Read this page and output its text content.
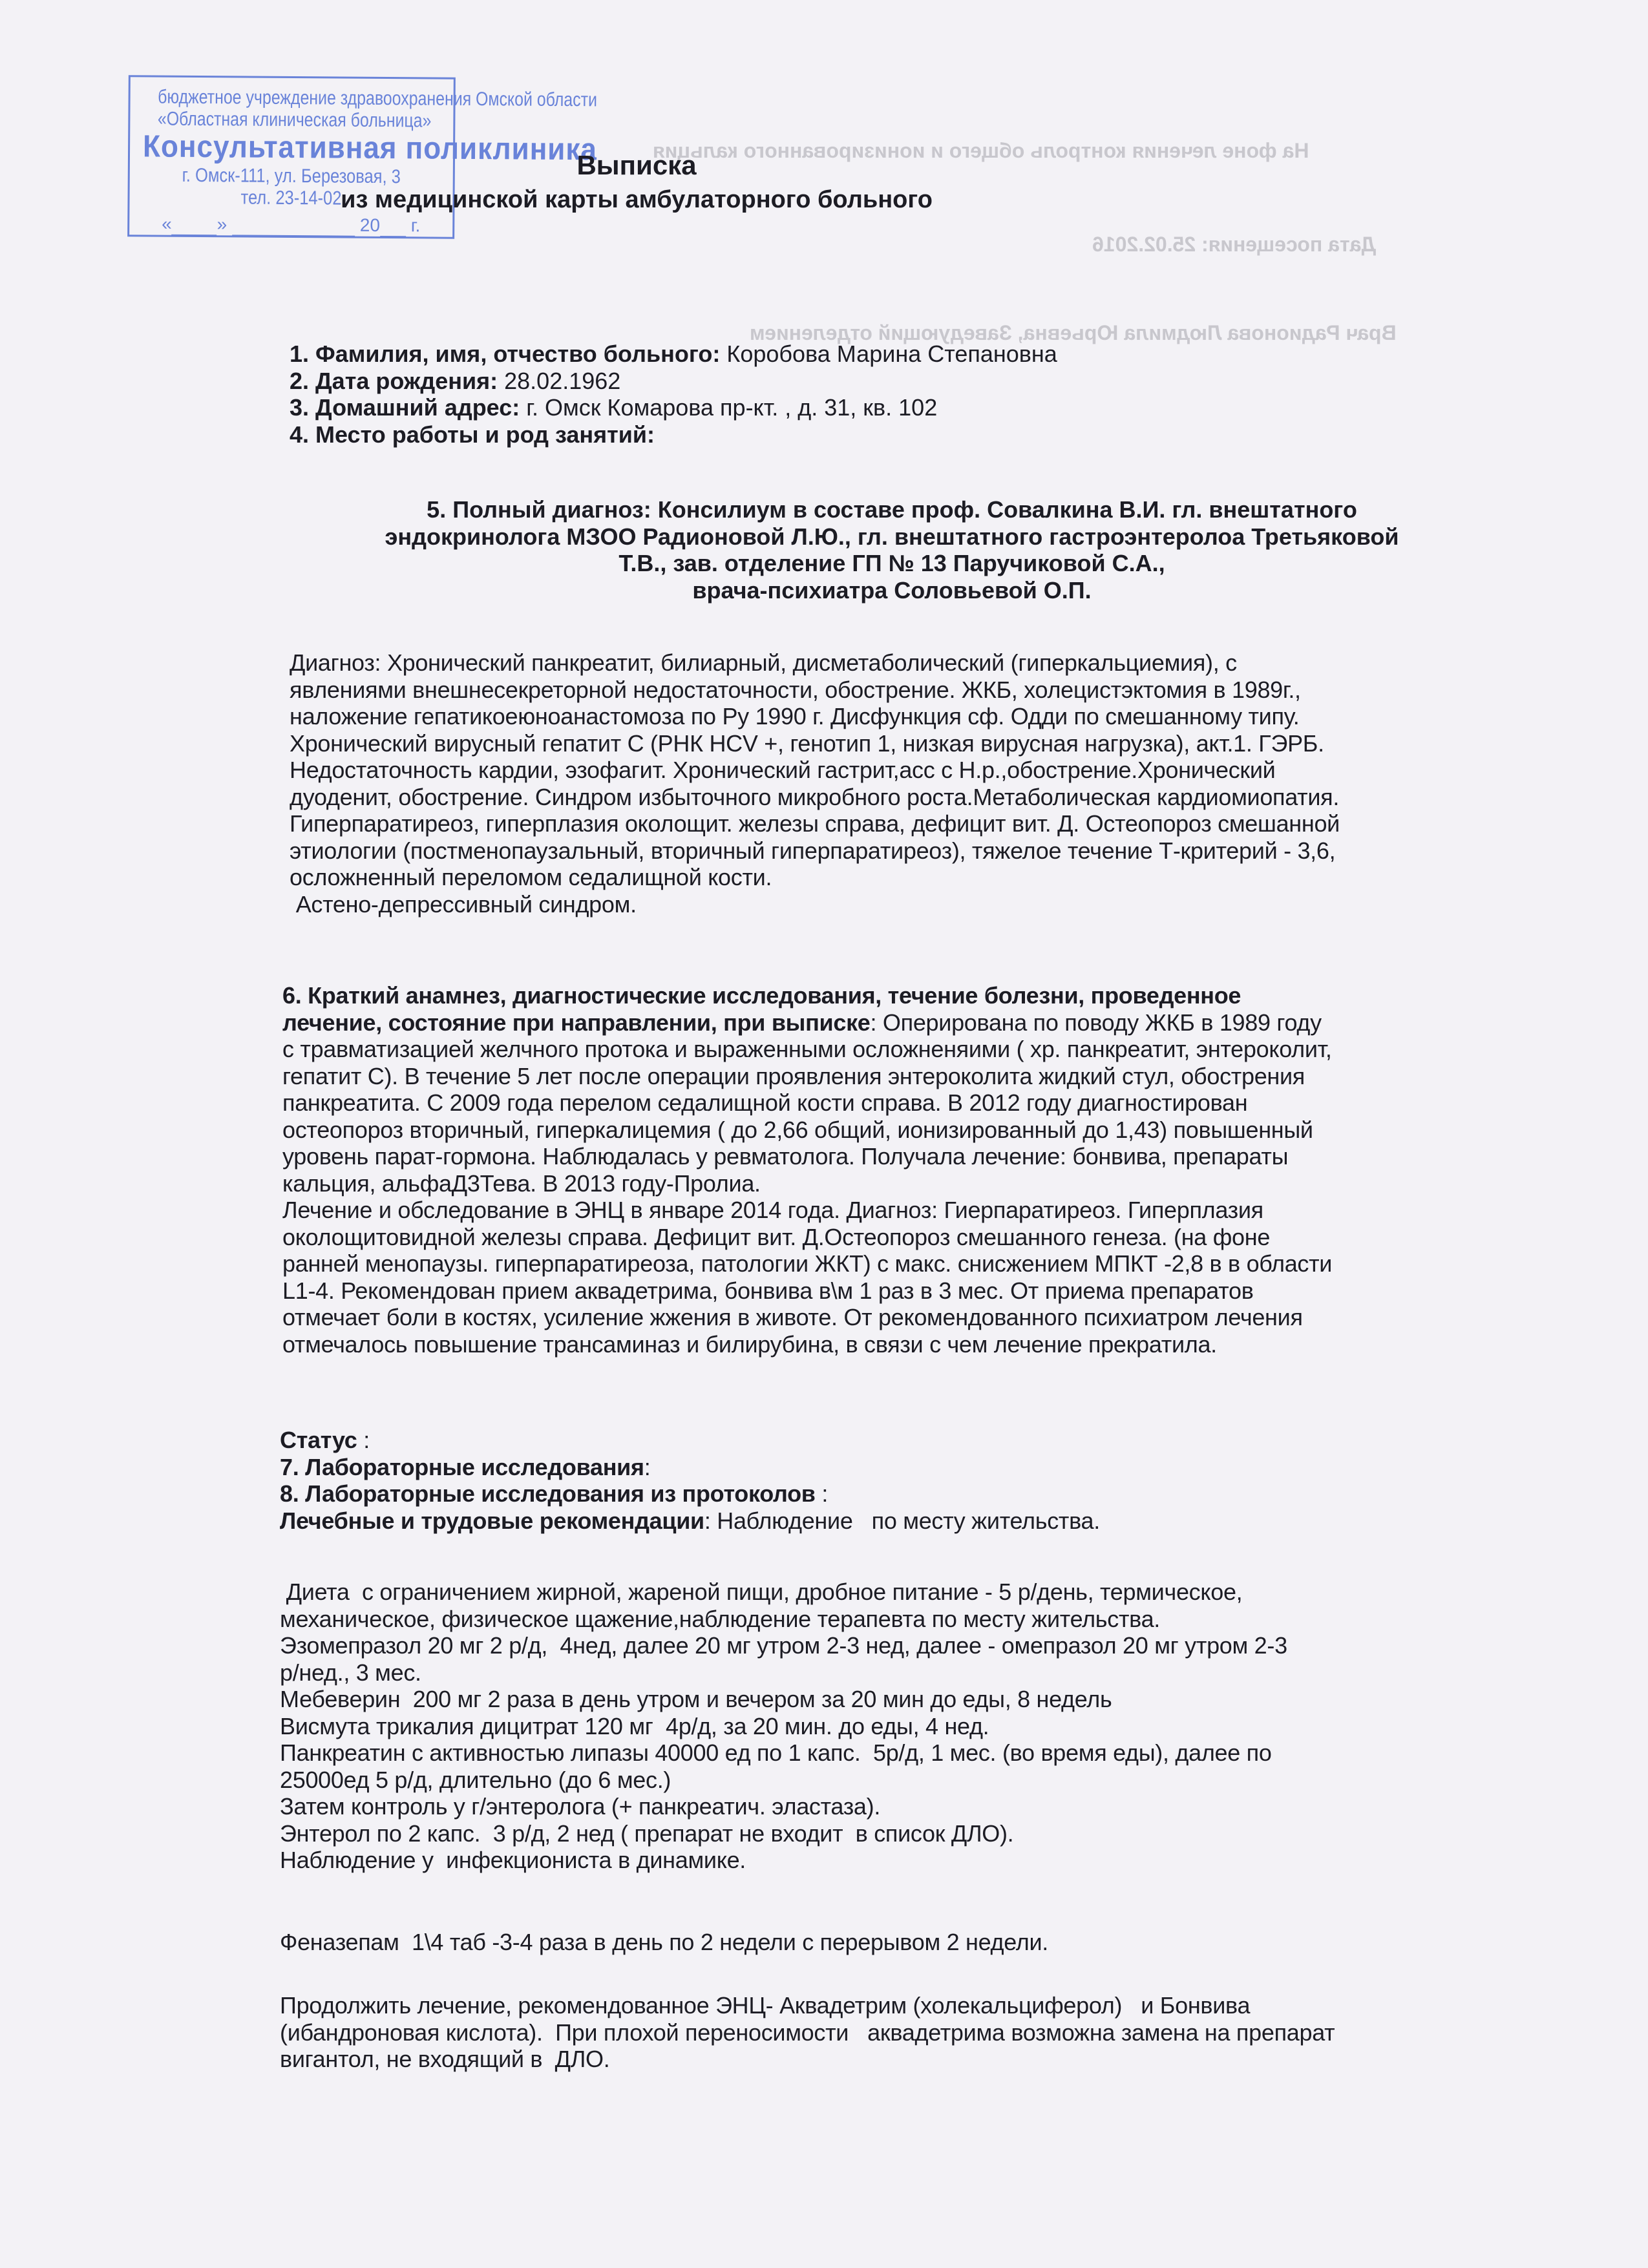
На фоне лечения контроль общего и ионизированного кальция
Дата посещения: 25.02.2016
Врач Радионова Людмила Юрьевна, Заведующий отделением
бюджетное учреждение здравоохранения Омской области
«Областная клиническая больница»
Консультативная поликлиника
г. Омск-111, ул. Березовая, 3
тел. 23-14-02
« »	20 г.
Выписка
из медицинской карты амбулаторного больного
1. Фамилия, имя, отчество больного: Коробова Марина Степановна
2. Дата рождения: 28.02.1962
3. Домашний адрес: г. Омск Комарова пр-кт. , д. 31, кв. 102
4. Место работы и род занятий:
5. Полный диагноз: Консилиум в составе проф. Совалкина В.И. гл. внештатного
эндокринолога МЗОО Радионовой Л.Ю., гл. внештатного гастроэнтеролоа Третьяковой
Т.В., зав. отделение ГП № 13 Паручиковой С.А.,
врача-психиатра Соловьевой О.П.
Диагноз: Хронический панкреатит, билиарный, дисметаболический (гиперкальциемия), с
явлениями внешнесекреторной недостаточности, обострение. ЖКБ, холецистэктомия в 1989г.,
наложение гепатикоеюноанастомоза по Ру 1990 г. Дисфункция сф. Одди по смешанному типу.
Хронический вирусный гепатит С (РНК HCV +, генотип 1, низкая вирусная нагрузка), акт.1. ГЭРБ.
Недостаточность кардии, эзофагит. Хронический гастрит,асс с Н.р.,обострение.Хронический
дуоденит, обострение. Синдром избыточного микробного роста.Метаболическая кардиомиопатия.
Гиперпаратиреоз, гиперплазия околощит. железы справа, дефицит вит. Д. Остеопороз смешанной
этиологии (постменопаузальный, вторичный гиперпаратиреоз), тяжелое течение Т-критерий - 3,6,
осложненный переломом седалищной кости.
Астено-депрессивный синдром.
6. Краткий анамнез, диагностические исследования, течение болезни, проведенное
лечение, состояние при направлении, при выписке: Оперирована по поводу ЖКБ в 1989 году
с травматизацией желчного протока и выраженными осложненяими ( хр. панкреатит, энтероколит,
гепатит С). В течение 5 лет после операции проявления энтероколита жидкий стул, обострения
панкреатита. С 2009 года перелом седалищной кости справа. В 2012 году диагностирован
остеопороз вторичный, гиперкалицемия ( до 2,66 общий, ионизированный до 1,43) повышенный
уровень парат-гормона. Наблюдалась у ревматолога. Получала лечение: бонвива, препараты
кальция, альфаД3Тева. В 2013 году-Пролиа.
Лечение и обследование в ЭНЦ в январе 2014 года. Диагноз: Гиерпаратиреоз. Гиперплазия
околощитовидной железы справа. Дефицит вит. Д.Остеопороз смешанного генеза. (на фоне
ранней менопаузы. гиперпаратиреоза, патологии ЖКТ) с макс. снисжением МПКТ -2,8 в в области
L1-4. Рекомендован прием аквадетрима, бонвива в\м 1 раз в 3 мес. От приема препаратов
отмечает боли в костях, усиление жжения в животе. От рекомендованного психиатром лечения
отмечалось повышение трансаминаз и билирубина, в связи с чем лечение прекратила.
Статус :
7. Лабораторные исследования:
8. Лабораторные исследования из протоколов :
Лечебные и трудовые рекомендации: Наблюдение   по месту жительства.
Диета  с ограничением жирной, жареной пищи, дробное питание - 5 р/день, термическое,
механическое, физическое щажение,наблюдение терапевта по месту жительства.
Эзомепразол 20 мг 2 р/д,  4нед, далее 20 мг утром 2-3 нед, далее - омепразол 20 мг утром 2-3
р/нед., 3 мес.
Мебеверин  200 мг 2 раза в день утром и вечером за 20 мин до еды, 8 недель
Висмута трикалия дицитрат 120 мг  4р/д, за 20 мин. до еды, 4 нед.
Панкреатин с активностью липазы 40000 ед по 1 капс.  5р/д, 1 мес. (во время еды), далее по
25000ед 5 р/д, длительно (до 6 мес.)
Затем контроль у г/энтеролога (+ панкреатич. эластаза).
Энтерол по 2 капс.  3 р/д, 2 нед ( препарат не входит  в список ДЛО).
Наблюдение у  инфекциониста в динамике.
Феназепам  1\4 таб -3-4 раза в день по 2 недели с перерывом 2 недели.
Продолжить лечение, рекомендованное ЭНЦ- Аквадетрим (холекальциферол)   и Бонвива
(ибандроновая кислота).  При плохой переносимости   аквадетрима возможна замена на препарат
вигантол, не входящий в  ДЛО.
